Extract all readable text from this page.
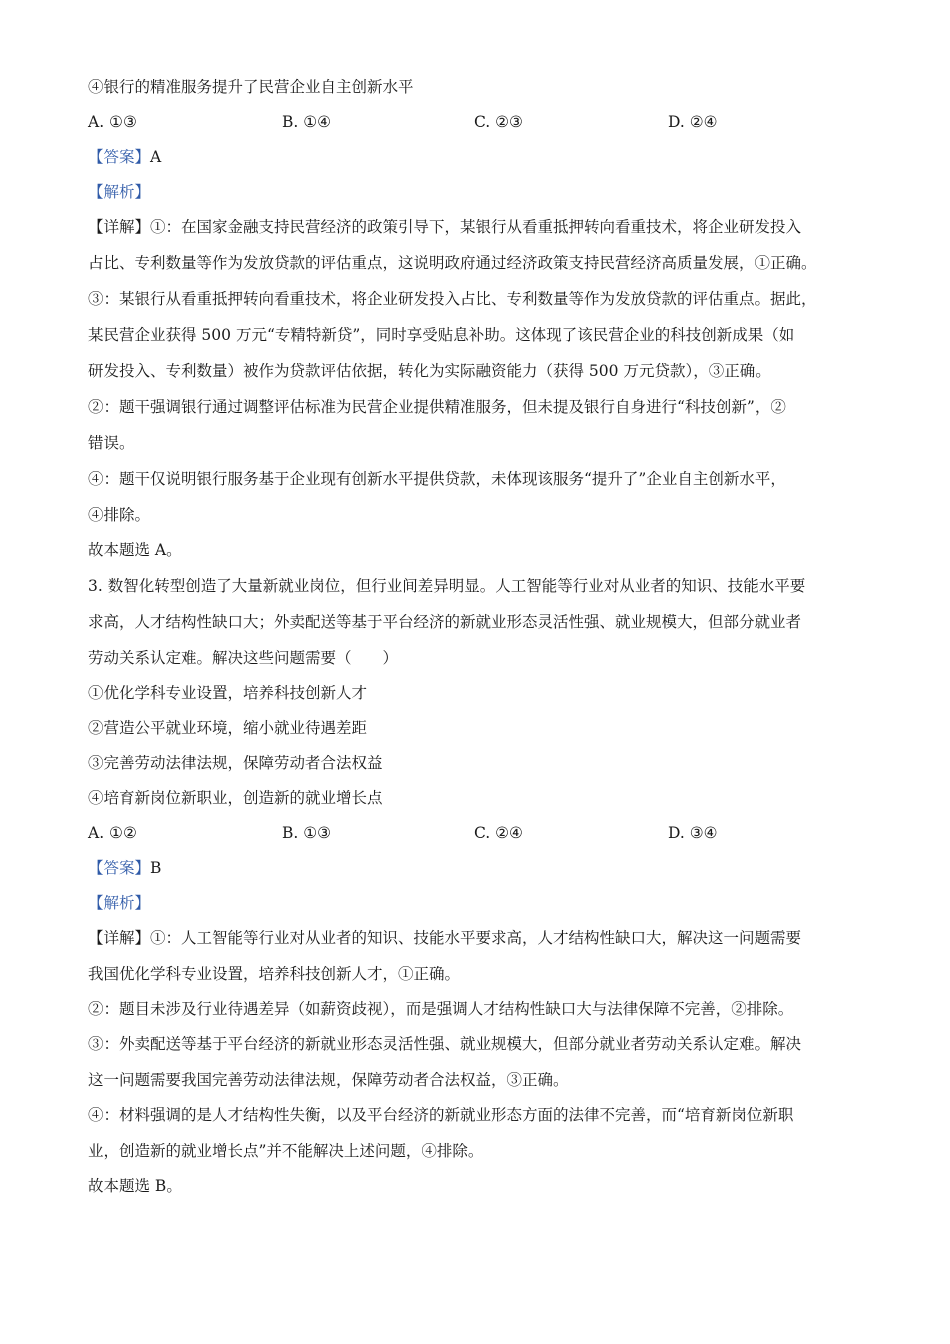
④银行的精准服务提升了民营企业自主创新水平
A. ①③	B. ①④	C. ②③	D. ②④
【答案】A
【解析】
【详解】①：在国家金融支持民营经济的政策引导下，某银行从看重抵押转向看重技术，将企业研发投入
占比、专利数量等作为发放贷款的评估重点，这说明政府通过经济政策支持民营经济高质量发展，①正确。
③：某银行从看重抵押转向看重技术，将企业研发投入占比、专利数量等作为发放贷款的评估重点。据此，
某民营企业获得 500 万元“专精特新贷”，同时享受贴息补助。这体现了该民营企业的科技创新成果（如
研发投入、专利数量）被作为贷款评估依据，转化为实际融资能力（获得 500 万元贷款），③正确。
②：题干强调银行通过调整评估标准为民营企业提供精准服务，但未提及银行自身进行“科技创新”，②
错误。
④：题干仅说明银行服务基于企业现有创新水平提供贷款，未体现该服务“提升了”企业自主创新水平，
④排除。
故本题选 A。
3. 数智化转型创造了大量新就业岗位，但行业间差异明显。人工智能等行业对从业者的知识、技能水平要
求高，人才结构性缺口大；外卖配送等基于平台经济的新就业形态灵活性强、就业规模大，但部分就业者
劳动关系认定难。解决这些问题需要（　　）
①优化学科专业设置，培养科技创新人才
②营造公平就业环境，缩小就业待遇差距
③完善劳动法律法规，保障劳动者合法权益
④培育新岗位新职业，创造新的就业增长点
A. ①②	B. ①③	C. ②④	D. ③④
【答案】B
【解析】
【详解】①：人工智能等行业对从业者的知识、技能水平要求高，人才结构性缺口大，解决这一问题需要
我国优化学科专业设置，培养科技创新人才，①正确。
②：题目未涉及行业待遇差异（如薪资歧视），而是强调人才结构性缺口大与法律保障不完善，②排除。
③：外卖配送等基于平台经济的新就业形态灵活性强、就业规模大，但部分就业者劳动关系认定难。解决
这一问题需要我国完善劳动法律法规，保障劳动者合法权益，③正确。
④：材料强调的是人才结构性失衡，以及平台经济的新就业形态方面的法律不完善，而“培育新岗位新职
业，创造新的就业增长点”并不能解决上述问题，④排除。
故本题选 B。
